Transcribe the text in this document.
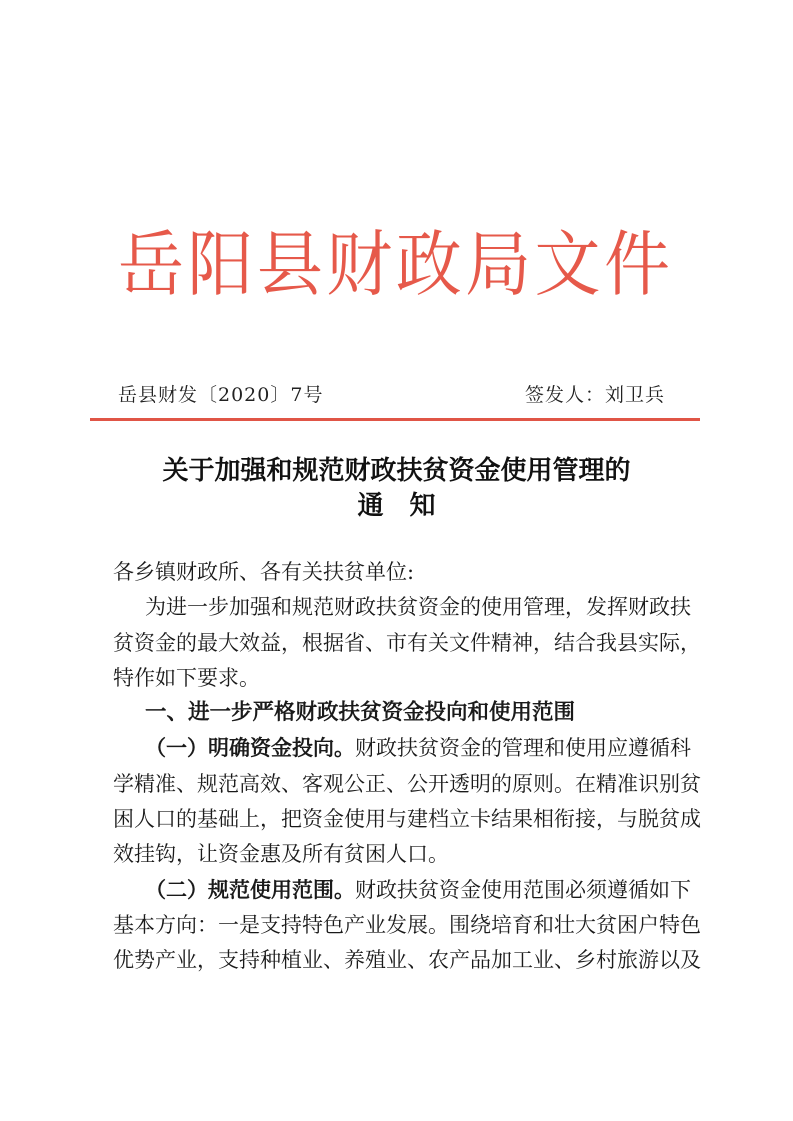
岳 阳 县 财 政 局 文 件
岳县财发〔2020〕7号	签发人：刘卫兵
关于加强和规范财政扶贫资金使用管理的
通知
各乡镇财政所、各有关扶贫单位:
为进一步加强和规范财政扶贫资金的使用管理，发挥财政扶
贫资金的最大效益，根据省、市有关文件精神，结合我县实际，
特作如下要求。
一、进一步严格财政扶贫资金投向和使用范围
（一）明确资金投向。财政扶贫资金的管理和使用应遵循科
学精准、规范高效、客观公正、公开透明的原则。在精准识别贫
困人口的基础上，把资金使用与建档立卡结果相衔接，与脱贫成
效挂钩，让资金惠及所有贫困人口。
（二）规范使用范围。财政扶贫资金使用范围必须遵循如下
基本方向：一是支持特色产业发展。围绕培育和壮大贫困户特色
优势产业，支持种植业、养殖业、农产品加工业、乡村旅游以及
